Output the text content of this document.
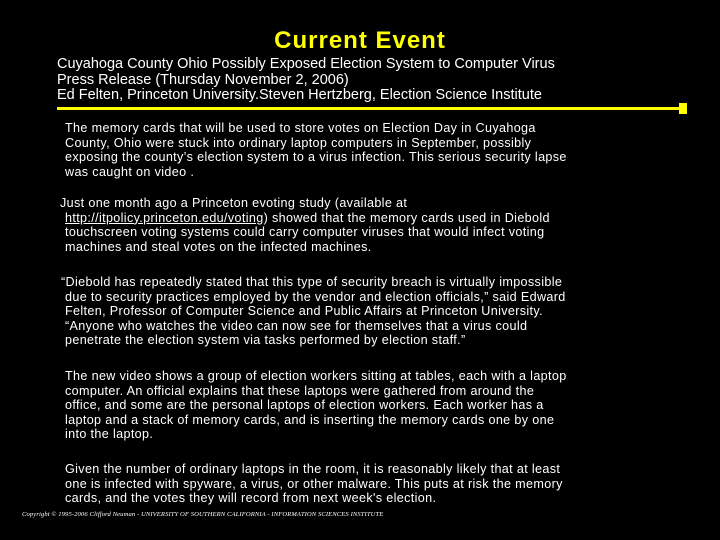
Current Event
Cuyahoga County Ohio Possibly Exposed Election System to Computer Virus
Press Release (Thursday November 2, 2006)
Ed Felten, Princeton University.Steven Hertzberg, Election Science Institute
The memory cards that will be used to store votes on Election Day in Cuyahoga
County, Ohio were stuck into ordinary laptop computers in September, possibly
exposing the county’s election system to a virus infection. This serious security lapse
was caught on video .
Just one month ago a Princeton evoting study (available at
http://itpolicy.princeton.edu/voting) showed that the memory cards used in Diebold
touchscreen voting systems could carry computer viruses that would infect voting
machines and steal votes on the infected machines.
“Diebold has repeatedly stated that this type of security breach is virtually impossible
due to security practices employed by the vendor and election officials,” said Edward
Felten, Professor of Computer Science and Public Affairs at Princeton University.
“Anyone who watches the video can now see for themselves that a virus could
penetrate the election system via tasks performed by election staff.”
The new video shows a group of election workers sitting at tables, each with a laptop
computer. An official explains that these laptops were gathered from around the
office, and some are the personal laptops of election workers. Each worker has a
laptop and a stack of memory cards, and is inserting the memory cards one by one
into the laptop.
Given the number of ordinary laptops in the room, it is reasonably likely that at least
one is infected with spyware, a virus, or other malware. This puts at risk the memory
cards, and the votes they will record from next week's election.
Copyright © 1995-2006 Clifford Neuman - UNIVERSITY OF SOUTHERN CALIFORNIA - INFORMATION SCIENCES INSTITUTE
